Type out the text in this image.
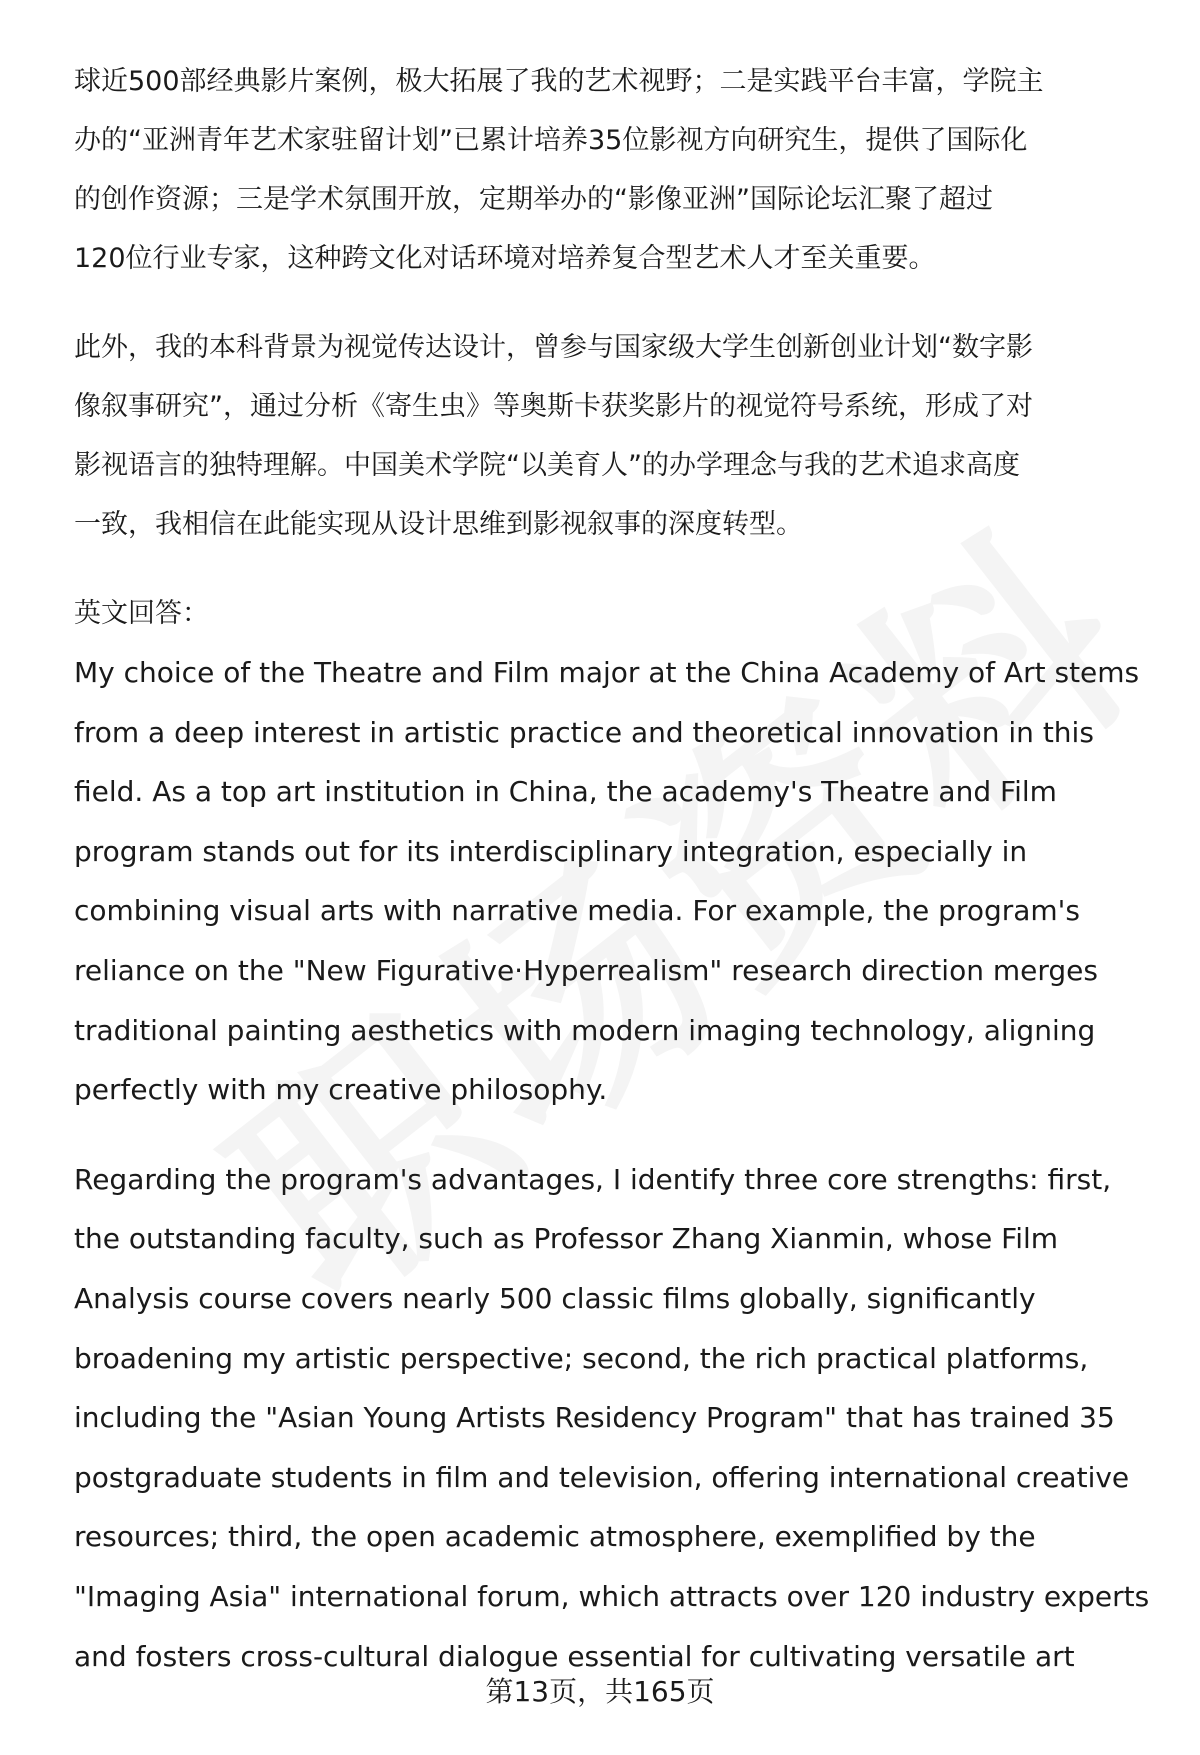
球近500部经典影片案例，极大拓展了我的艺术视野；二是实践平台丰富，学院主

办的“亚洲青年艺术家驻留计划”已累计培养35位影视方向研究生，提供了国际化

的创作资源；三是学术氛围开放，定期举办的“影像亚洲”国际论坛汇聚了超过

120位行业专家，这种跨文化对话环境对培养复合型艺术人才至关重要。

此外，我的本科背景为视觉传达设计，曾参与国家级大学生创新创业计划“数字影

像叙事研究”，通过分析《寄生虫》等奥斯卡获奖影片的视觉符号系统，形成了对

影视语言的独特理解。中国美术学院“以美育人”的办学理念与我的艺术追求高度

一致，我相信在此能实现从设计思维到影视叙事的深度转型。

英文回答：

My choice of the Theatre and Film major at the China Academy of Art stems

from a deep interest in artistic practice and theoretical innovation in this

field. As a top art institution in China, the academy's Theatre and Film

program stands out for its interdisciplinary integration, especially in

combining visual arts with narrative media. For example, the program's

reliance on the "New Figurative·Hyperrealism" research direction merges

traditional painting aesthetics with modern imaging technology, aligning

perfectly with my creative philosophy.

Regarding the program's advantages, I identify three core strengths: first,

the outstanding faculty, such as Professor Zhang Xianmin, whose Film

Analysis course covers nearly 500 classic films globally, significantly

broadening my artistic perspective; second, the rich practical platforms,

including the "Asian Young Artists Residency Program" that has trained 35

postgraduate students in film and television, offering international creative

resources; third, the open academic atmosphere, exemplified by the

"Imaging Asia" international forum, which attracts over 120 industry experts

and fosters cross-cultural dialogue essential for cultivating versatile art

第13页，共165页
